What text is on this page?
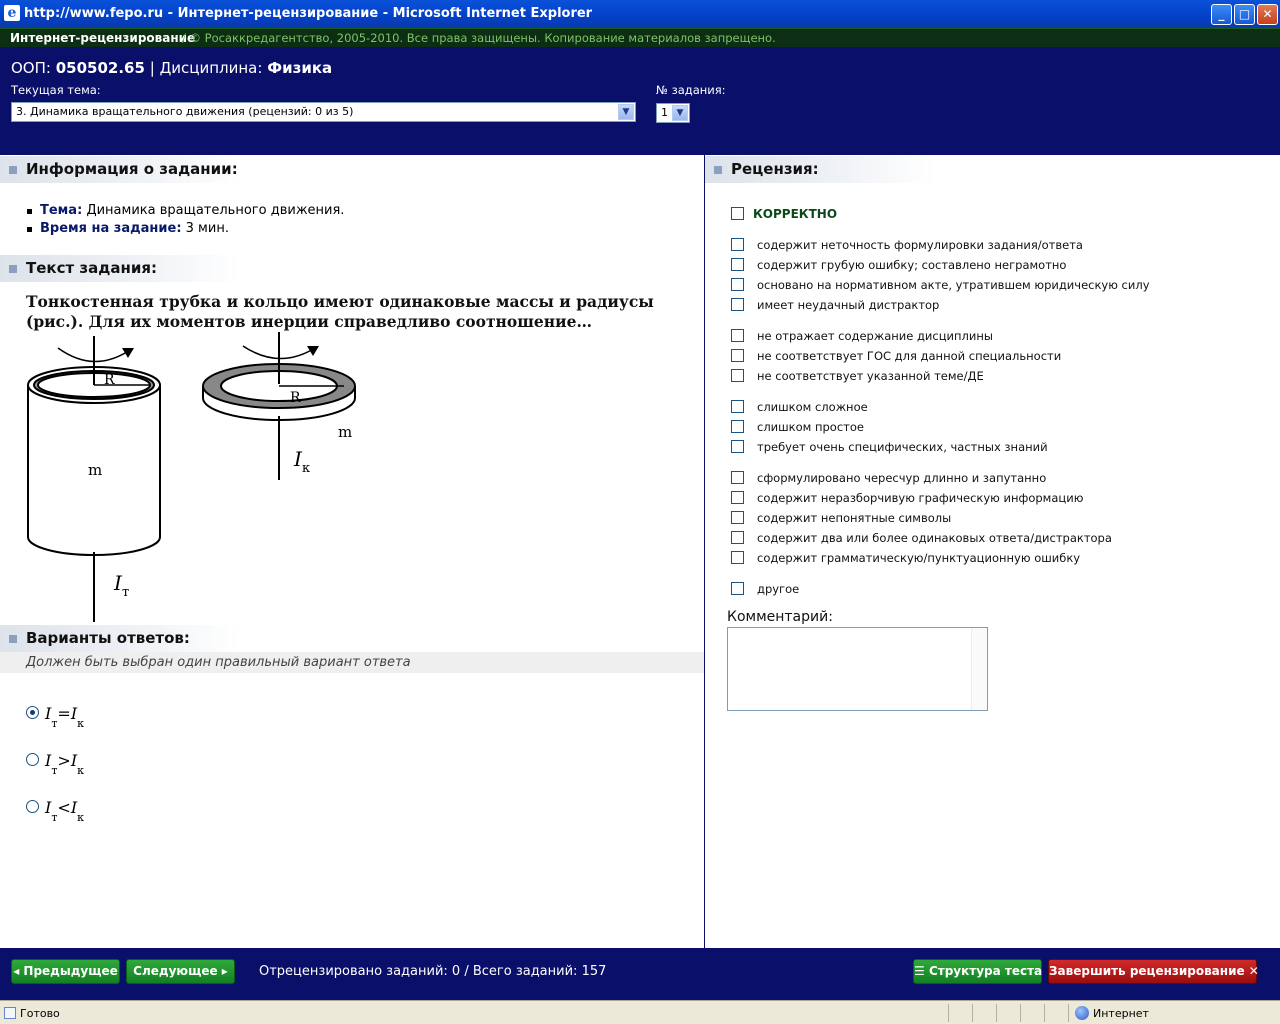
e http://www.fepo.ru - Интернет-рецензирование - Microsoft Internet Explorer	_	□	✕
Интернет-рецензирование
/ © Росаккредагентство, 2005-2010. Все права защищены. Копирование материалов запрещено.
ООП: 050502.65 | Дисциплина: Физика
Текущая тема:
3. Динамика вращательного движения (рецензий: 0 из 5)	▼
№ задания:
1 ▼
Информация о задании:
Тема: Динамика вращательного движения.
Время на задание: 3 мин.
Текст задания:
Тонкостенная трубка и кольцо имеют одинаковые массы и радиусы (рис.). Для их моментов инерции справедливо соотношение…
R
m
I т
R
m
I к
Варианты ответов:
Должен быть выбран один правильный вариант ответа
$I_т=I_к$
$I_т>I_к$
$I_т<I_к$
Рецензия:
КОРРЕКТНО
содержит неточность формулировки задания/ответа
содержит грубую ошибку; составлено неграмотно
основано на нормативном акте, утратившем юридическую силу
имеет неудачный дистрактор
не отражает содержание дисциплины
не соответствует ГОС для данной специальности
не соответствует указанной теме/ДЕ
слишком сложное
слишком простое
требует очень специфических, частных знаний
сформулировано чересчур длинно и запутанно
содержит неразборчивую графическую информацию
содержит непонятные символы
содержит два или более одинаковых ответа/дистрактора
содержит грамматическую/пунктуационную ошибку
другое
Комментарий:
◂ Предыдущее	Следующее ▸	Отрецензировано заданий: 0 / Всего заданий: 157	☰ Структура теста Завершить рецензирование ✕
Готово	Интернет
